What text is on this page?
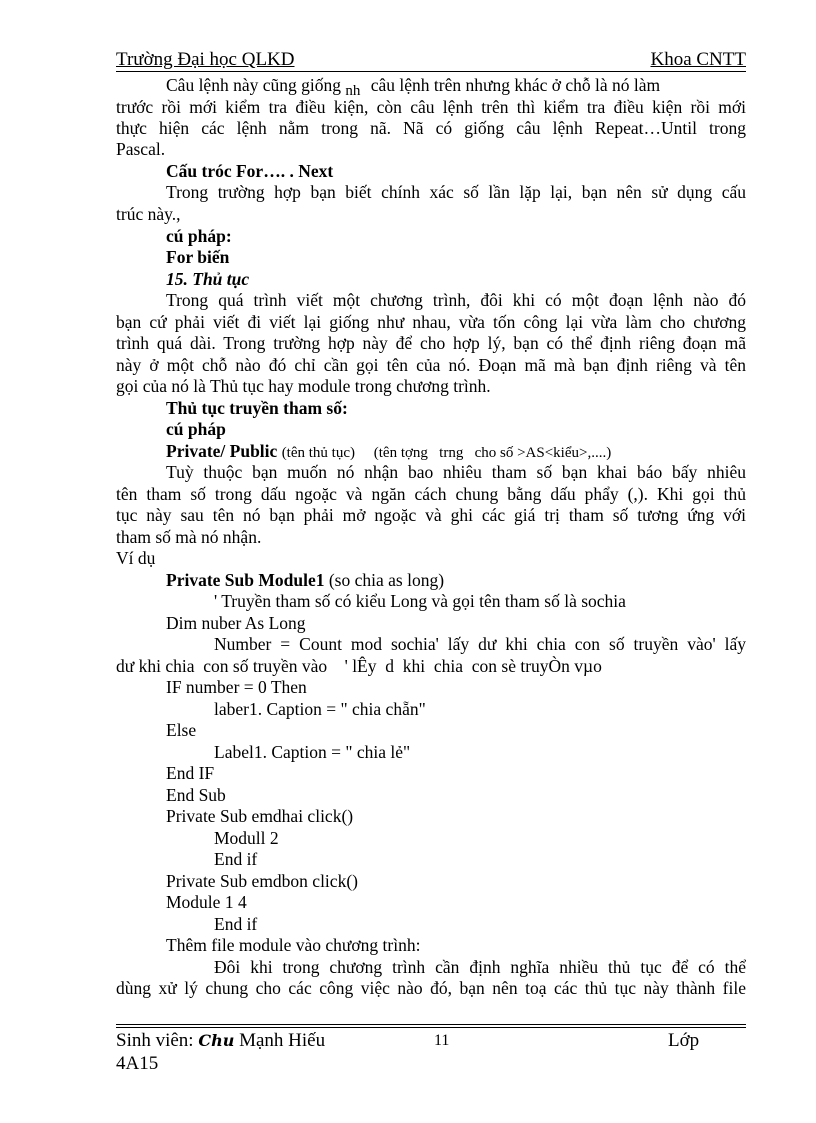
Trường Đại học QLKD	Khoa CNTT
Câu lệnh này cũng giống nh câu lệnh trên nhưng khác ở chỗ là nó làm
trước rồi mới kiểm tra điều kiện, còn câu lệnh trên thì kiểm tra điều kiện rồi mới
thực hiện các lệnh nằm trong nã. Nã có giống câu lệnh Repeat…Until trong
Pascal.
Cấu tróc For…. . Next
Trong trường hợp bạn biết chính xác số lần lặp lại, bạn nên sử dụng cấu
trúc này.,
cú pháp:
For biến
15. Thủ tục
Trong quá trình viết một chương trình, đôi khi có một đoạn lệnh nào đó
bạn cứ phải viết đi viết lại giống như nhau, vừa tốn công lại vừa làm cho chương
trình quá dài. Trong trường hợp này để cho hợp lý, bạn có thể định riêng đoạn mã
này ở một chỗ nào đó chỉ cần gọi tên của nó. Đoạn mã mà bạn định riêng và tên
gọi của nó là Thủ tục hay module trong chương trình.
Thủ tục truyền tham số:
cú pháp
Private/ Public (tên thủ tục)     (tên tợng   trng   cho số >AS<kiểu>,....)
Tuỳ thuộc bạn muốn nó nhận bao nhiêu tham số bạn khai báo bấy nhiêu
tên tham số trong dấu ngoặc và ngăn cách chung bằng dấu phẩy (,). Khi gọi thủ
tục này sau tên nó bạn phải mở ngoặc và ghi các giá trị tham số tương ứng với
tham số mà nó nhận.
Ví dụ
Private Sub Module1 (so chia as long)
' Truyền tham số có kiểu Long và gọi tên tham số là sochia
Dim nuber As Long
Number = Count mod sochia' lấy dư khi chia con số truyền vào' lấy
dư khi chia  con số truyền vào    ' lÊy  d  khi  chia  con sè truyÒn vµo
IF number = 0 Then
laber1. Caption = " chia chẵn"
Else
Label1. Caption = " chia lẻ"
End IF
End Sub
Private Sub emdhai click()
Modull 2
End if
Private Sub emdbon click()
Module 1 4
End if
Thêm file module vào chương trình:
Đôi khi trong chương trình cần định nghĩa nhiều thủ tục để có thể
dùng xử lý chung cho các công việc nào đó, bạn nên toạ các thủ tục này thành file
Sinh viên: Chu Mạnh Hiếu	11	Lớp
4A15
